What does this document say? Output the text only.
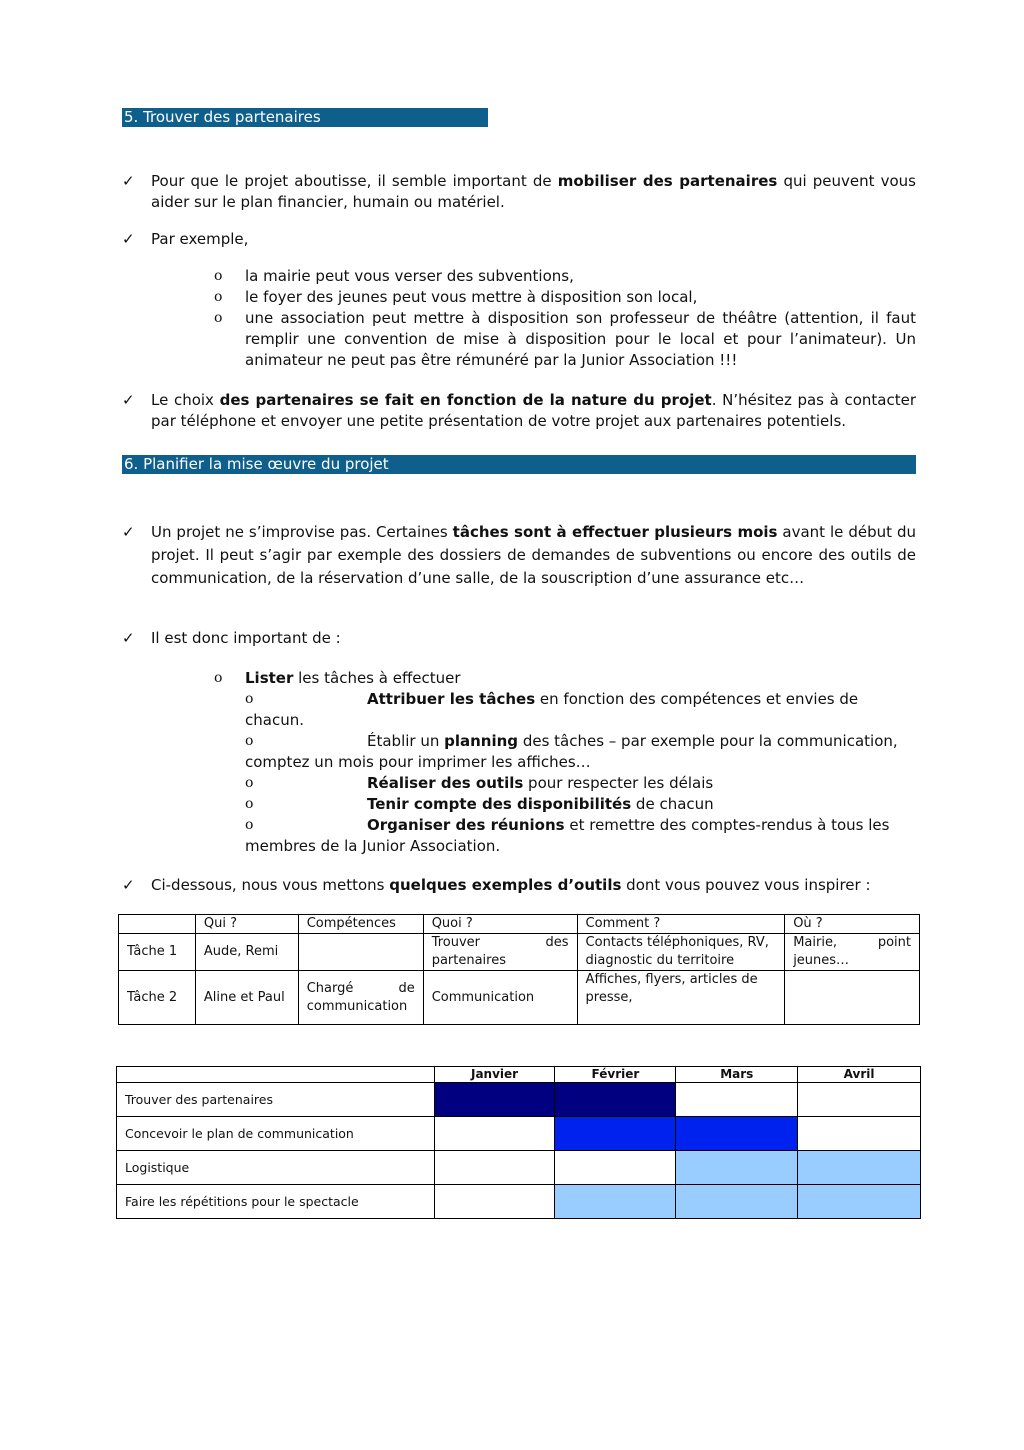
5. Trouver des partenaires
✓	Pour que le projet aboutisse, il semble important de mobiliser des partenaires qui peuvent vous aider sur le plan financier, humain ou matériel.
✓	Par exemple,
o la mairie peut vous verser des subventions,
o le foyer des jeunes peut vous mettre à disposition son local,
o une association peut mettre à disposition son professeur de théâtre (attention, il faut remplir une convention de mise à disposition pour le local et pour l’animateur). Un animateur ne peut pas être rémunéré par la Junior Association !!!
✓	Le choix des partenaires se fait en fonction de la nature du projet. N’hésitez pas à contacter par téléphone et envoyer une petite présentation de votre projet aux partenaires potentiels.
6. Planifier la mise œuvre du projet
✓	Un projet ne s’improvise pas. Certaines tâches sont à effectuer plusieurs mois avant le début du projet. Il peut s’agir par exemple des dossiers de demandes de subventions ou encore des outils de communication, de la réservation d’une salle, de la souscription d’une assurance etc…
✓	Il est donc important de :
o Lister les tâches à effectuer
o	Attribuer les tâches en fonction des compétences et envies de
chacun.
o	Établir un planning des tâches – par exemple pour la communication,
comptez un mois pour imprimer les affiches…
o	Réaliser des outils pour respecter les délais
o	Tenir compte des disponibilités de chacun
o	Organiser des réunions et remettre des comptes-rendus à tous les
membres de la Junior Association.
✓	Ci-dessous, nous vous mettons quelques exemples d’outils dont vous pouvez vous inspirer :
	Qui ?	Compétences	Quoi ?	Comment ?	Où ?
Tâche 1	Aude, Remi		Trouver des partenaires	Contacts téléphoniques, RV, diagnostic du territoire	Mairie, point jeunes…
Tâche 2	Aline et Paul	Chargé de communication	Communication	Affiches, flyers, articles de presse,	
	Janvier	Février	Mars	Avril
Trouver des partenaires				
Concevoir le plan de communication				
Logistique				
Faire les répétitions pour le spectacle				
